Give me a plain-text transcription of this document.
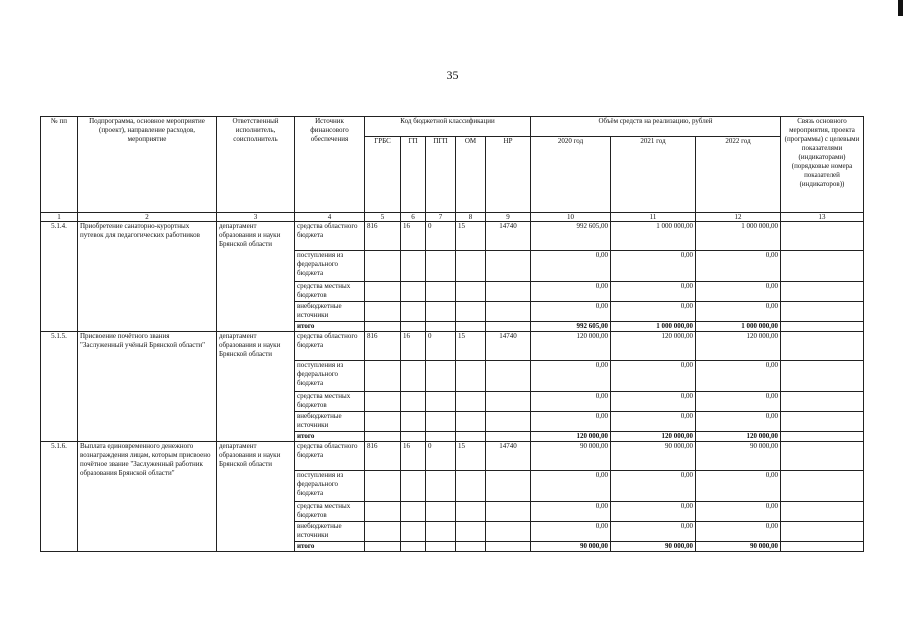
35
№ пп	Подпрограмма, основное мероприятие (проект), направление расходов, мероприятие	Ответственный исполнитель, соисполнитель	Источник финансового обеспечения	Код бюджетной классификации					Объём средств на реализацию, рублей			Связь основного мероприятия, проекта (программы) с целевыми показателями (индикаторами) (порядковые номера показателей (индикаторов))
				ГРБС	ГП	ПГП	ОМ	НР	2020 год	2021 год	2022 год	
1	2	3	4	5	6	7	8	9	10	11	12	13
5.1.4.	Приобретение санаторно-курортных путевок для педагогических работников	департамент образования и науки Брянской области	средства областного бюджета	816	16	0	15	14740	992 605,00	1 000 000,00	1 000 000,00	
			поступления из федерального бюджета						0,00	0,00	0,00	
			средства местных бюджетов						0,00	0,00	0,00	
			внебюджетные источники						0,00	0,00	0,00	
			итого						992 605,00	1 000 000,00	1 000 000,00	
5.1.5.	Присвоение почётного звания "Заслуженный учёный Брянской области"	департамент образования и науки Брянской области	средства областного бюджета	816	16	0	15	14740	120 000,00	120 000,00	120 000,00	
			поступления из федерального бюджета						0,00	0,00	0,00	
			средства местных бюджетов						0,00	0,00	0,00	
			внебюджетные источники						0,00	0,00	0,00	
			итого						120 000,00	120 000,00	120 000,00	
5.1.6.	Выплата единовременного денежного вознаграждения лицам, которым присвоено почётное звание "Заслуженный работник образования Брянской области"	департамент образования и науки Брянской области	средства областного бюджета	816	16	0	15	14740	90 000,00	90 000,00	90 000,00	
			поступления из федерального бюджета						0,00	0,00	0,00	
			средства местных бюджетов						0,00	0,00	0,00	
			внебюджетные источники						0,00	0,00	0,00	
			итого						90 000,00	90 000,00	90 000,00	
